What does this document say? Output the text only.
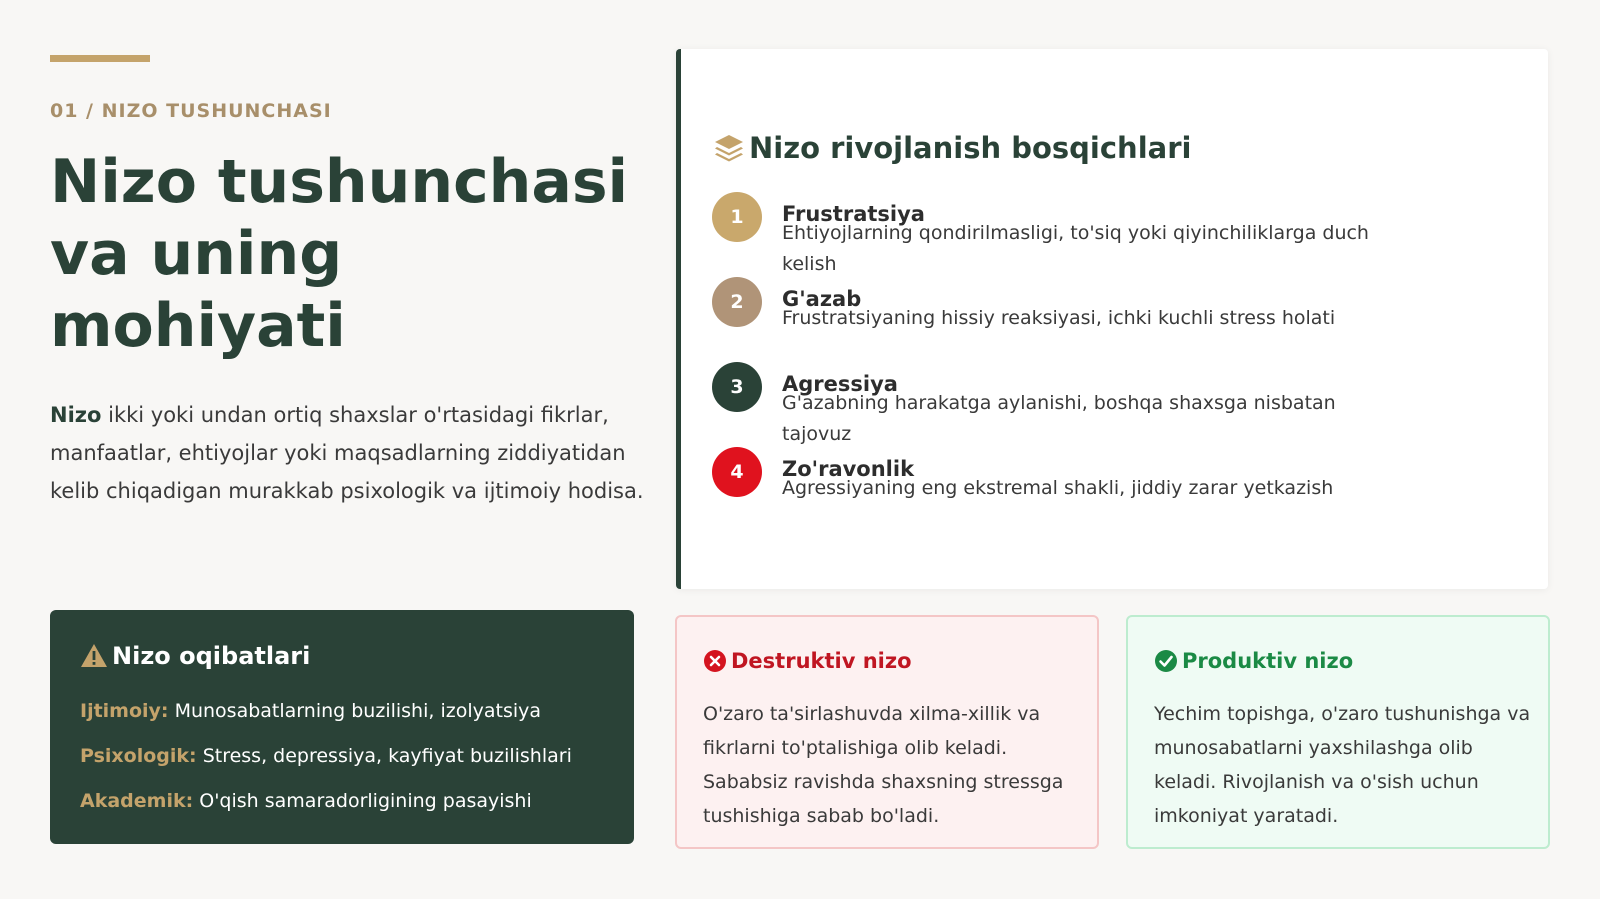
01 / NIZO TUSHUNCHASI
Nizo tushunchasi va uning mohiyati

Nizo ikki yoki undan ortiq shaxslar o'rtasidagi fikrlar, manfaatlar, ehtiyojlar yoki maqsadlarning ziddiyatidan kelib chiqadigan murakkab psixologik va ijtimoiy hodisa.

Nizo rivojlanish bosqichlari
1	Frustratsiya
Ehtiyojlarning qondirilmasligi, to'siq yoki qiyinchiliklarga duch kelish
2	G'azab
Frustratsiyaning hissiy reaksiyasi, ichki kuchli stress holati
3	Agressiya
G'azabning harakatga aylanishi, boshqa shaxsga nisbatan tajovuz
4	Zo'ravonlik
Agressiyaning eng ekstremal shakli, jiddiy zarar yetkazish
Nizo oqibatlari
Ijtimoiy: Munosabatlarning buzilishi, izolyatsiya
Psixologik: Stress, depressiya, kayfiyat buzilishlari
Akademik: O'qish samaradorligining pasayishi
Destruktiv nizo

O'zaro ta'sirlashuvda xilma-xillik va fikrlarni to'ptalishiga olib keladi. Sababsiz ravishda shaxsning stressga tushishiga sabab bo'ladi.

Produktiv nizo

Yechim topishga, o'zaro tushunishga va munosabatlarni yaxshilashga olib keladi. Rivojlanish va o'sish uchun imkoniyat yaratadi.
